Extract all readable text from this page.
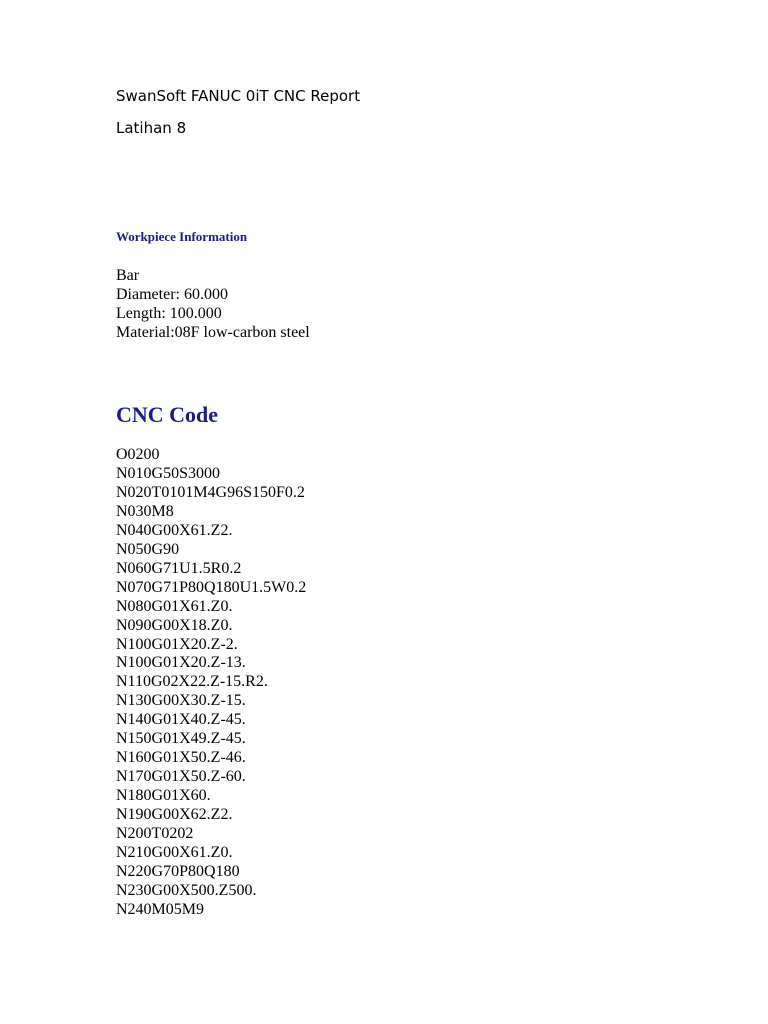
SwanSoft FANUC 0iT CNC Report
Latihan 8
Workpiece Information
Bar
Diameter: 60.000
Length: 100.000
Material:08F low-carbon steel
CNC Code
O0200
N010G50S3000
N020T0101M4G96S150F0.2
N030M8
N040G00X61.Z2.
N050G90
N060G71U1.5R0.2
N070G71P80Q180U1.5W0.2
N080G01X61.Z0.
N090G00X18.Z0.
N100G01X20.Z-2.
N100G01X20.Z-13.
N110G02X22.Z-15.R2.
N130G00X30.Z-15.
N140G01X40.Z-45.
N150G01X49.Z-45.
N160G01X50.Z-46.
N170G01X50.Z-60.
N180G01X60.
N190G00X62.Z2.
N200T0202
N210G00X61.Z0.
N220G70P80Q180
N230G00X500.Z500.
N240M05M9
